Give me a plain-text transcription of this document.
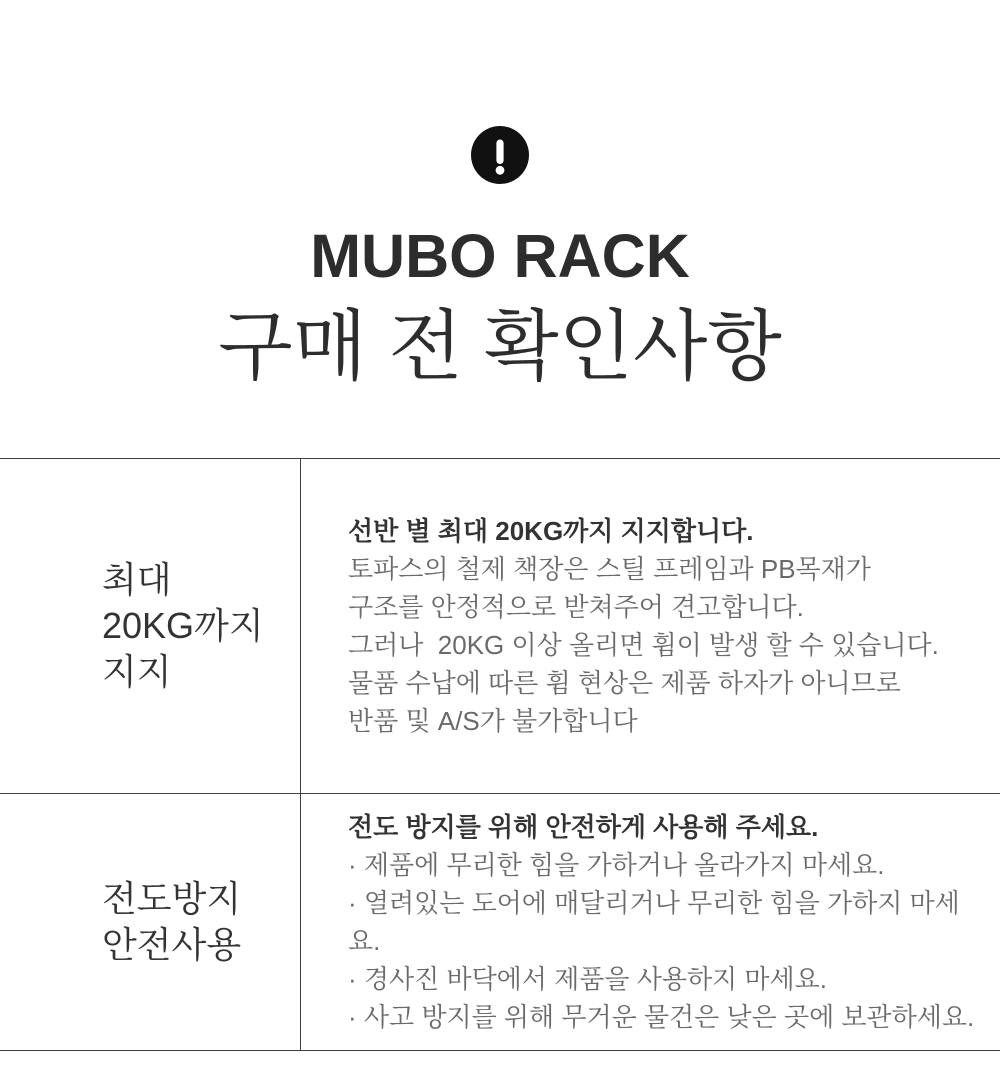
MUBO RACK
구매 전 확인사항
최대
20KG까지
지지
선반 별 최대 20KG까지 지지합니다.
토파스의 철제 책장은 스틸 프레임과 PB목재가
구조를 안정적으로 받쳐주어 견고합니다.
그러나  20KG 이상 올리면 휨이 발생 할 수 있습니다.
물품 수납에 따른 휨 현상은 제품 하자가 아니므로
반품 및 A/S가 불가합니다
전도방지
안전사용
전도 방지를 위해 안전하게 사용해 주세요.
· 제품에 무리한 힘을 가하거나 올라가지 마세요.
· 열려있는 도어에 매달리거나 무리한 힘을 가하지 마세요.
· 경사진 바닥에서 제품을 사용하지 마세요.
· 사고 방지를 위해 무거운 물건은 낮은 곳에 보관하세요.
